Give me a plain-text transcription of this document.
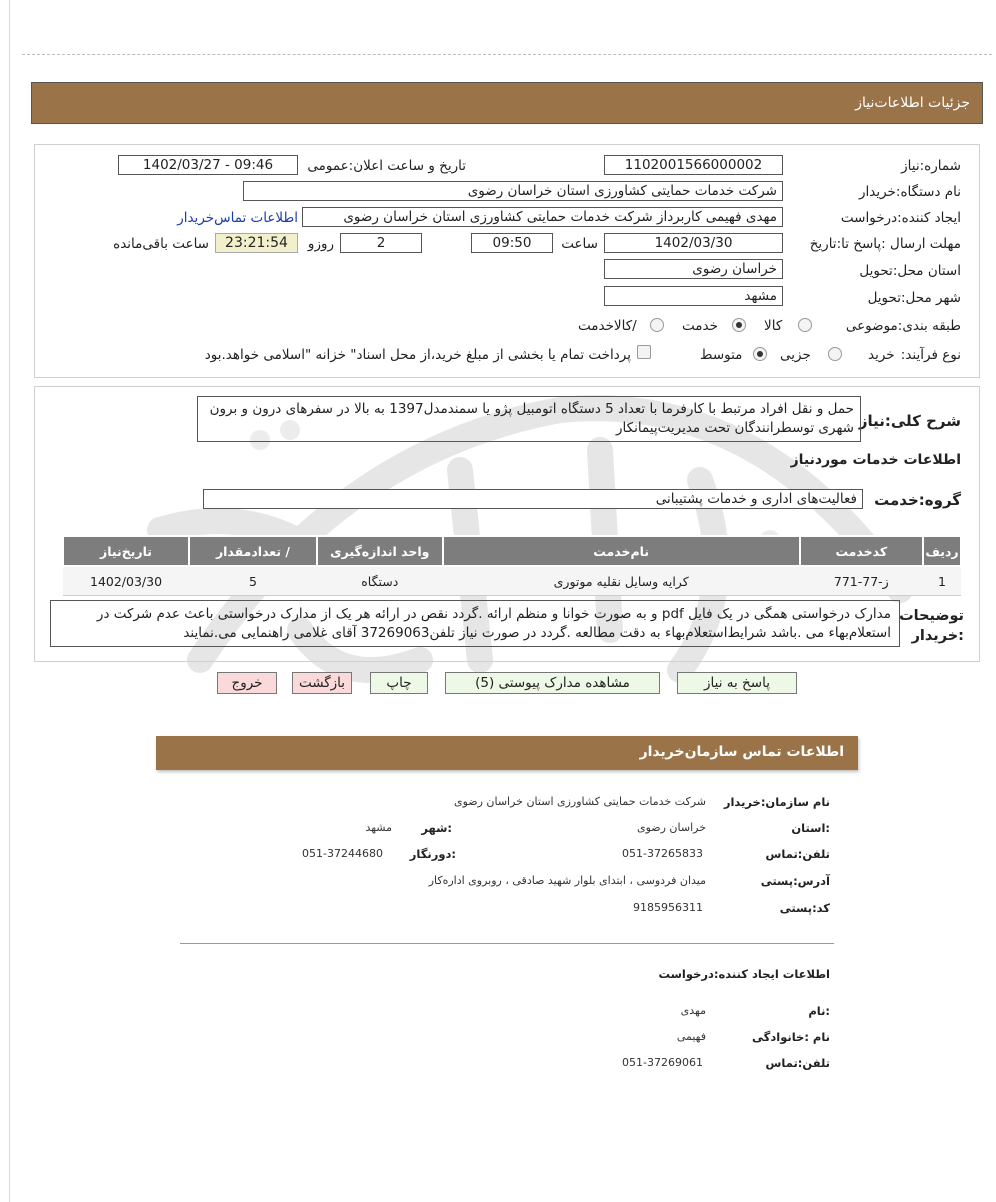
جزئیات اطلاعات‌نیاز
شماره:نیاز
1102001566000002
تاریخ و ساعت اعلان:عمومی
1402/03/27 - 09:46
نام دستگاه:خریدار
شرکت خدمات حمایتی کشاورزی استان خراسان رضوی
ایجاد کننده:درخواست
مهدی فهیمی کاربرداز شرکت خدمات حمایتی کشاورزی استان خراسان رضوی
اطلاعات تماس‌خریدار
مهلت ارسال :پاسخ تا:تاریخ
1402/03/30
ساعت
09:50
2
روزو
23:21:54
ساعت باقی‌مانده
استان محل:تحویل
خراسان رضوی
شهر محل:تحویل
مشهد
طبقه بندی:موضوعی
کالا
خدمت
/کالاخدمت
نوع فرآیند:
خرید
جزیی
متوسط
پرداخت تمام یا بخشی از مبلغ خرید،از محل اسناد" خزانه "اسلامی خواهد.بود
شرح کلی:نیاز
حمل و نقل افراد مرتبط با کارفرما با تعداد 5 دستگاه اتومبیل پژو یا سمندمدل1397 به بالا در سفرهای درون و برون شهری توسطرانندگان تحت مدیریت‌پیمانکار
اطلاعات خدمات موردنیاز
گروه:خدمت
فعالیت‌های اداری و خدمات پشتیبانی
ردیف	کدخدمت	نام‌خدمت	واحد اندازه‌گیری	/ تعدادمقدار	تاریخ‌نیاز
1	ز-77-771	کرایه وسایل نقلیه موتوری	دستگاه	5	1402/03/30
توضیحات :خریدار
مدارک درخواستی همگی در یک فایل pdf و به صورت خوانا و منظم ارائه .گردد نقص در ارائه هر یک از مدارک درخواستی باعث عدم شرکت در استعلام‌بهاء می .باشد شرایط‌استعلام‌بهاء به دقت مطالعه .گردد در صورت نیاز تلفن37269063 آقای غلامی راهنمایی می.نمایند
پاسخ به نیاز
مشاهده مدارک پیوستی (5)
چاپ
بازگشت
خروج
اطلاعات تماس سازمان‌خریدار
نام سازمان:خریدار
شرکت خدمات حمایتی کشاورزی استان خراسان رضوی
:استان
خراسان رضوی
:شهر
مشهد
تلفن:تماس
051-37265833
:دورنگار
051-37244680
آدرس:پستی
میدان فردوسی ، ابتدای بلوار شهید صادقی ، روبروی اداره‌کار
کد:پستی
9185956311
اطلاعات ایجاد کننده:درخواست
:نام
مهدی
نام :خانوادگی
فهیمی
تلفن:تماس
051-37269061
